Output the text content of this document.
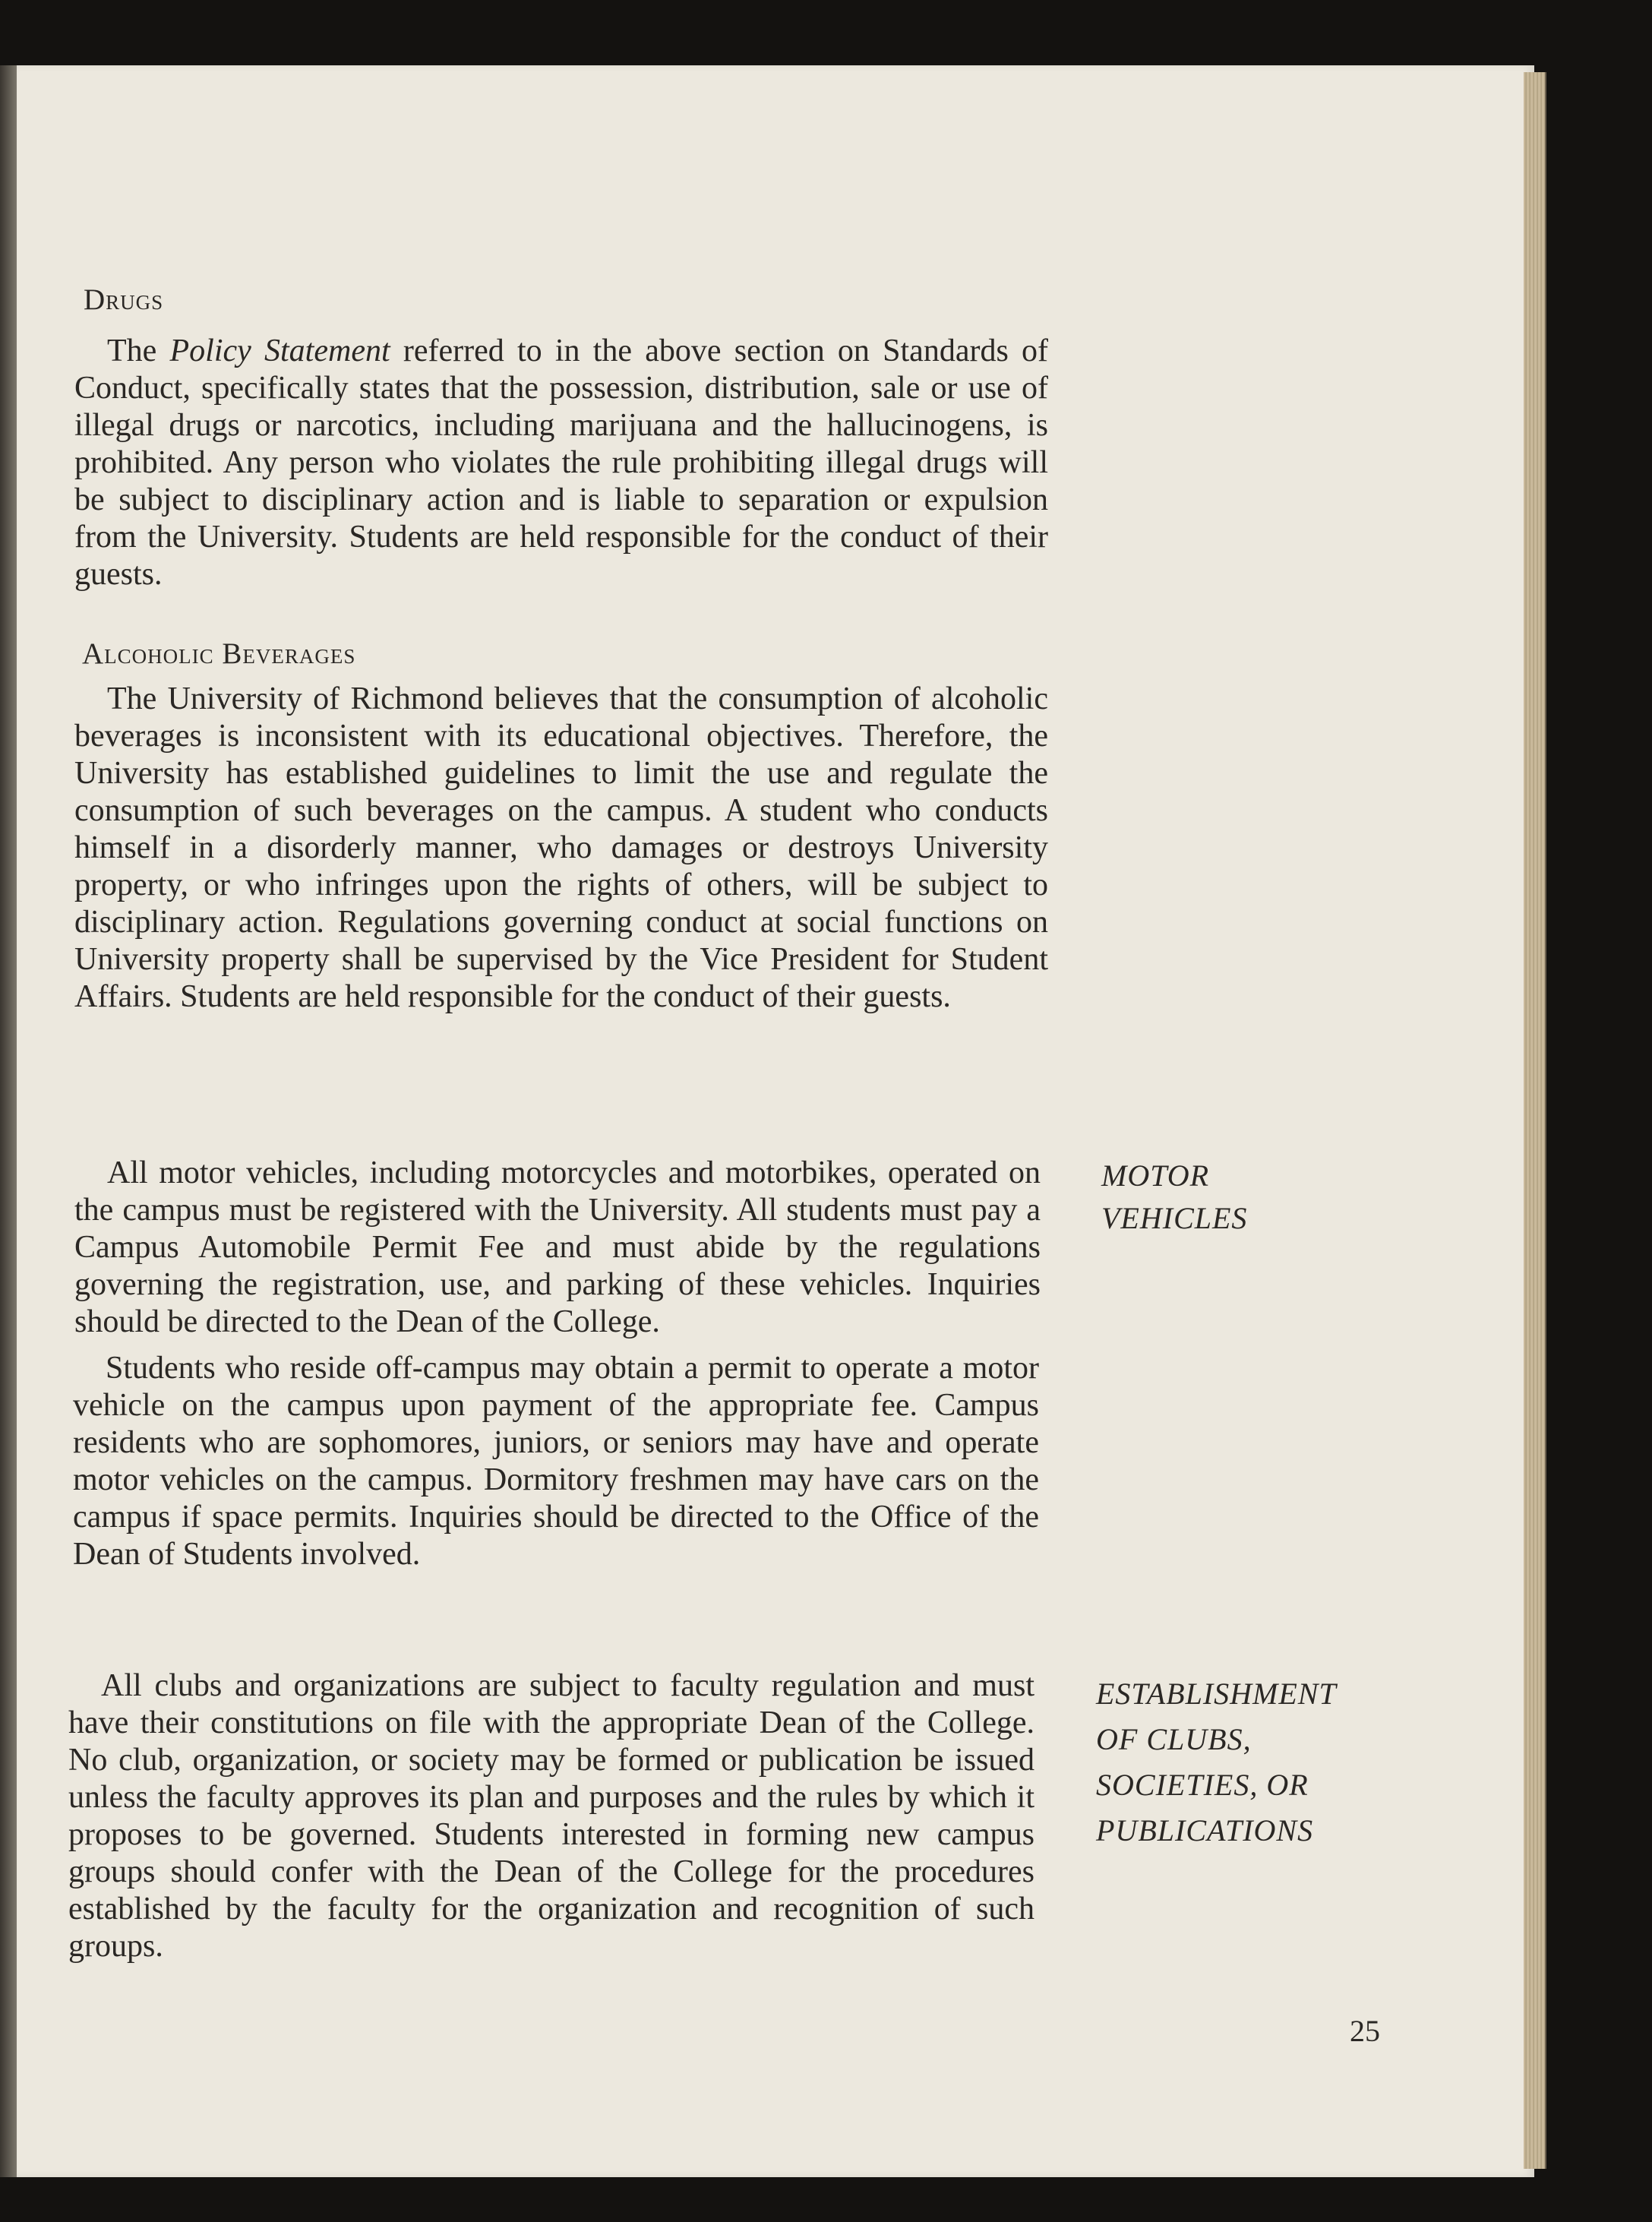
Drugs

The Policy Statement referred to in the above section on Standards of Conduct, specifically states that the possession, distribution, sale or use of illegal drugs or narcotics, including marijuana and the hallucinogens, is prohibited. Any person who violates the rule prohibiting illegal drugs will be subject to disciplinary action and is liable to separation or expulsion from the University. Students are held responsible for the conduct of their guests.

Alcoholic Beverages

The University of Richmond believes that the consumption of alcoholic beverages is inconsistent with its educational objectives. Therefore, the University has established guidelines to limit the use and regulate the consumption of such beverages on the campus. A student who conducts himself in a disorderly manner, who damages or destroys University property, or who infringes upon the rights of others, will be subject to disciplinary action. Regulations governing conduct at social functions on University property shall be supervised by the Vice President for Student Affairs. Students are held responsible for the conduct of their guests.

All motor vehicles, including motorcycles and motorbikes, operated on the campus must be registered with the University. All students must pay a Campus Automobile Permit Fee and must abide by the regulations governing the registration, use, and parking of these vehicles. Inquiries should be directed to the Dean of the College.

Students who reside off-campus may obtain a permit to operate a motor vehicle on the campus upon payment of the appropriate fee. Campus residents who are sophomores, juniors, or seniors may have and operate motor vehicles on the campus. Dormitory freshmen may have cars on the campus if space permits. Inquiries should be directed to the Office of the Dean of Students involved.

MOTOR
VEHICLES

All clubs and organizations are subject to faculty regulation and must have their constitutions on file with the appropriate Dean of the College. No club, organization, or society may be formed or publication be issued unless the faculty approves its plan and purposes and the rules by which it proposes to be governed. Students interested in forming new campus groups should confer with the Dean of the College for the procedures established by the faculty for the organization and recognition of such groups.

ESTABLISHMENT
OF CLUBS,
SOCIETIES, OR
PUBLICATIONS
25
